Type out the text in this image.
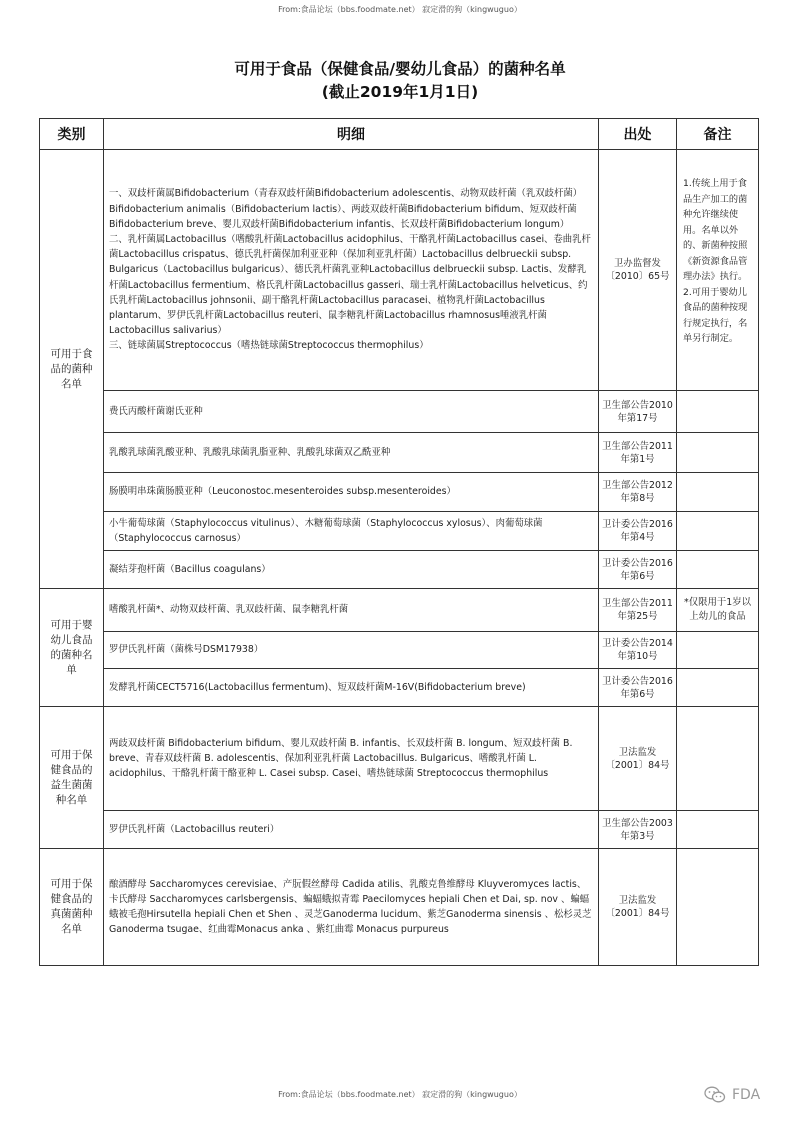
From:食品论坛（bbs.foodmate.net） 寂定滑的狗（kingwuguo）
可用于食品（保健食品/婴幼儿食品）的菌种名单
(截止2019年1月1日)
类别	明细	出处	备注
可用于食品的菌种名单	一、双歧杆菌属Bifidobacterium（青春双歧杆菌Bifidobacterium adolescentis、动物双歧杆菌（乳双歧杆菌）Bifidobacterium animalis（Bifidobacterium lactis）、两歧双歧杆菌Bifidobacterium bifidum、短双歧杆菌Bifidobacterium breve、婴儿双歧杆菌Bifidobacterium infantis、长双歧杆菌Bifidobacterium longum）
二、乳杆菌属Lactobacillus（嗜酸乳杆菌Lactobacillus acidophilus、干酪乳杆菌Lactobacillus casei、卷曲乳杆菌Lactobacillus crispatus、德氏乳杆菌保加利亚亚种（保加利亚乳杆菌）Lactobacillus delbrueckii subsp. Bulgaricus（Lactobacillus bulgaricus）、德氏乳杆菌乳亚种Lactobacillus delbrueckii subsp. Lactis、发酵乳杆菌Lactobacillus fermentium、格氏乳杆菌Lactobacillus gasseri、瑞士乳杆菌Lactobacillus helveticus、约氏乳杆菌Lactobacillus johnsonii、副干酪乳杆菌Lactobacillus paracasei、植物乳杆菌Lactobacillus plantarum、罗伊氏乳杆菌Lactobacillus reuteri、鼠李糖乳杆菌Lactobacillus rhamnosus唾液乳杆菌Lactobacillus salivarius）
三、链球菌属Streptococcus（嗜热链球菌Streptococcus thermophilus）	卫办监督发〔2010〕65号	1.传统上用于食品生产加工的菌种允许继续使用。名单以外的、新菌种按照《新资源食品管理办法》执行。
2.可用于婴幼儿食品的菌种按现行规定执行，名单另行制定。

	费氏丙酸杆菌谢氏亚种	卫生部公告2010年第17号	
	乳酸乳球菌乳酸亚种、乳酸乳球菌乳脂亚种、乳酸乳球菌双乙酰亚种	卫生部公告2011年第1号	
	肠膜明串珠菌肠膜亚种（Leuconostoc.mesenteroides subsp.mesenteroides）	卫生部公告2012年第8号	
	小牛葡萄球菌（Staphylococcus vitulinus）、木糖葡萄球菌（Staphylococcus xylosus）、肉葡萄球菌（Staphylococcus carnosus）	卫计委公告2016年第4号	
	凝结芽孢杆菌（Bacillus coagulans）	卫计委公告2016年第6号	
可用于婴幼儿食品的菌种名单	嗜酸乳杆菌*、动物双歧杆菌、乳双歧杆菌、鼠李糖乳杆菌	卫生部公告2011年第25号	*仅限用于1岁以上幼儿的食品
	罗伊氏乳杆菌（菌株号DSM17938）	卫计委公告2014年第10号	
	发酵乳杆菌CECT5716(Lactobacillus fermentum)、短双歧杆菌M-16V(Bifidobacterium breve)	卫计委公告2016年第6号	
可用于保健食品的益生菌菌种名单	两歧双歧杆菌 Bifidobacterium bifidum、婴儿双歧杆菌 B. infantis、长双歧杆菌 B. longum、短双歧杆菌 B. breve、青春双歧杆菌 B. adolescentis、保加利亚乳杆菌 Lactobacillus. Bulgaricus、嗜酸乳杆菌 L. acidophilus、干酪乳杆菌干酪亚种 L. Casei subsp. Casei、嗜热链球菌 Streptococcus thermophilus	卫法监发〔2001〕84号	
	罗伊氏乳杆菌（Lactobacillus reuteri）	卫生部公告2003年第3号	
可用于保健食品的真菌菌种名单	酿酒酵母 Saccharomyces cerevisiae、产朊假丝酵母 Cadida atilis、乳酸克鲁维酵母 Kluyveromyces lactis、卡氏酵母 Saccharomyces carlsbergensis、蝙蝠蛾拟青霉 Paecilomyces hepiali Chen et Dai, sp. nov 、蝙蝠蛾被毛孢Hirsutella hepiali Chen et Shen 、灵芝Ganoderma lucidum、紫芝Ganoderma sinensis 、松杉灵芝Ganoderma tsugae、红曲霉Monacus anka 、紫红曲霉 Monacus purpureus	卫法监发〔2001〕84号	
From:食品论坛（bbs.foodmate.net） 寂定滑的狗（kingwuguo）	FDA
